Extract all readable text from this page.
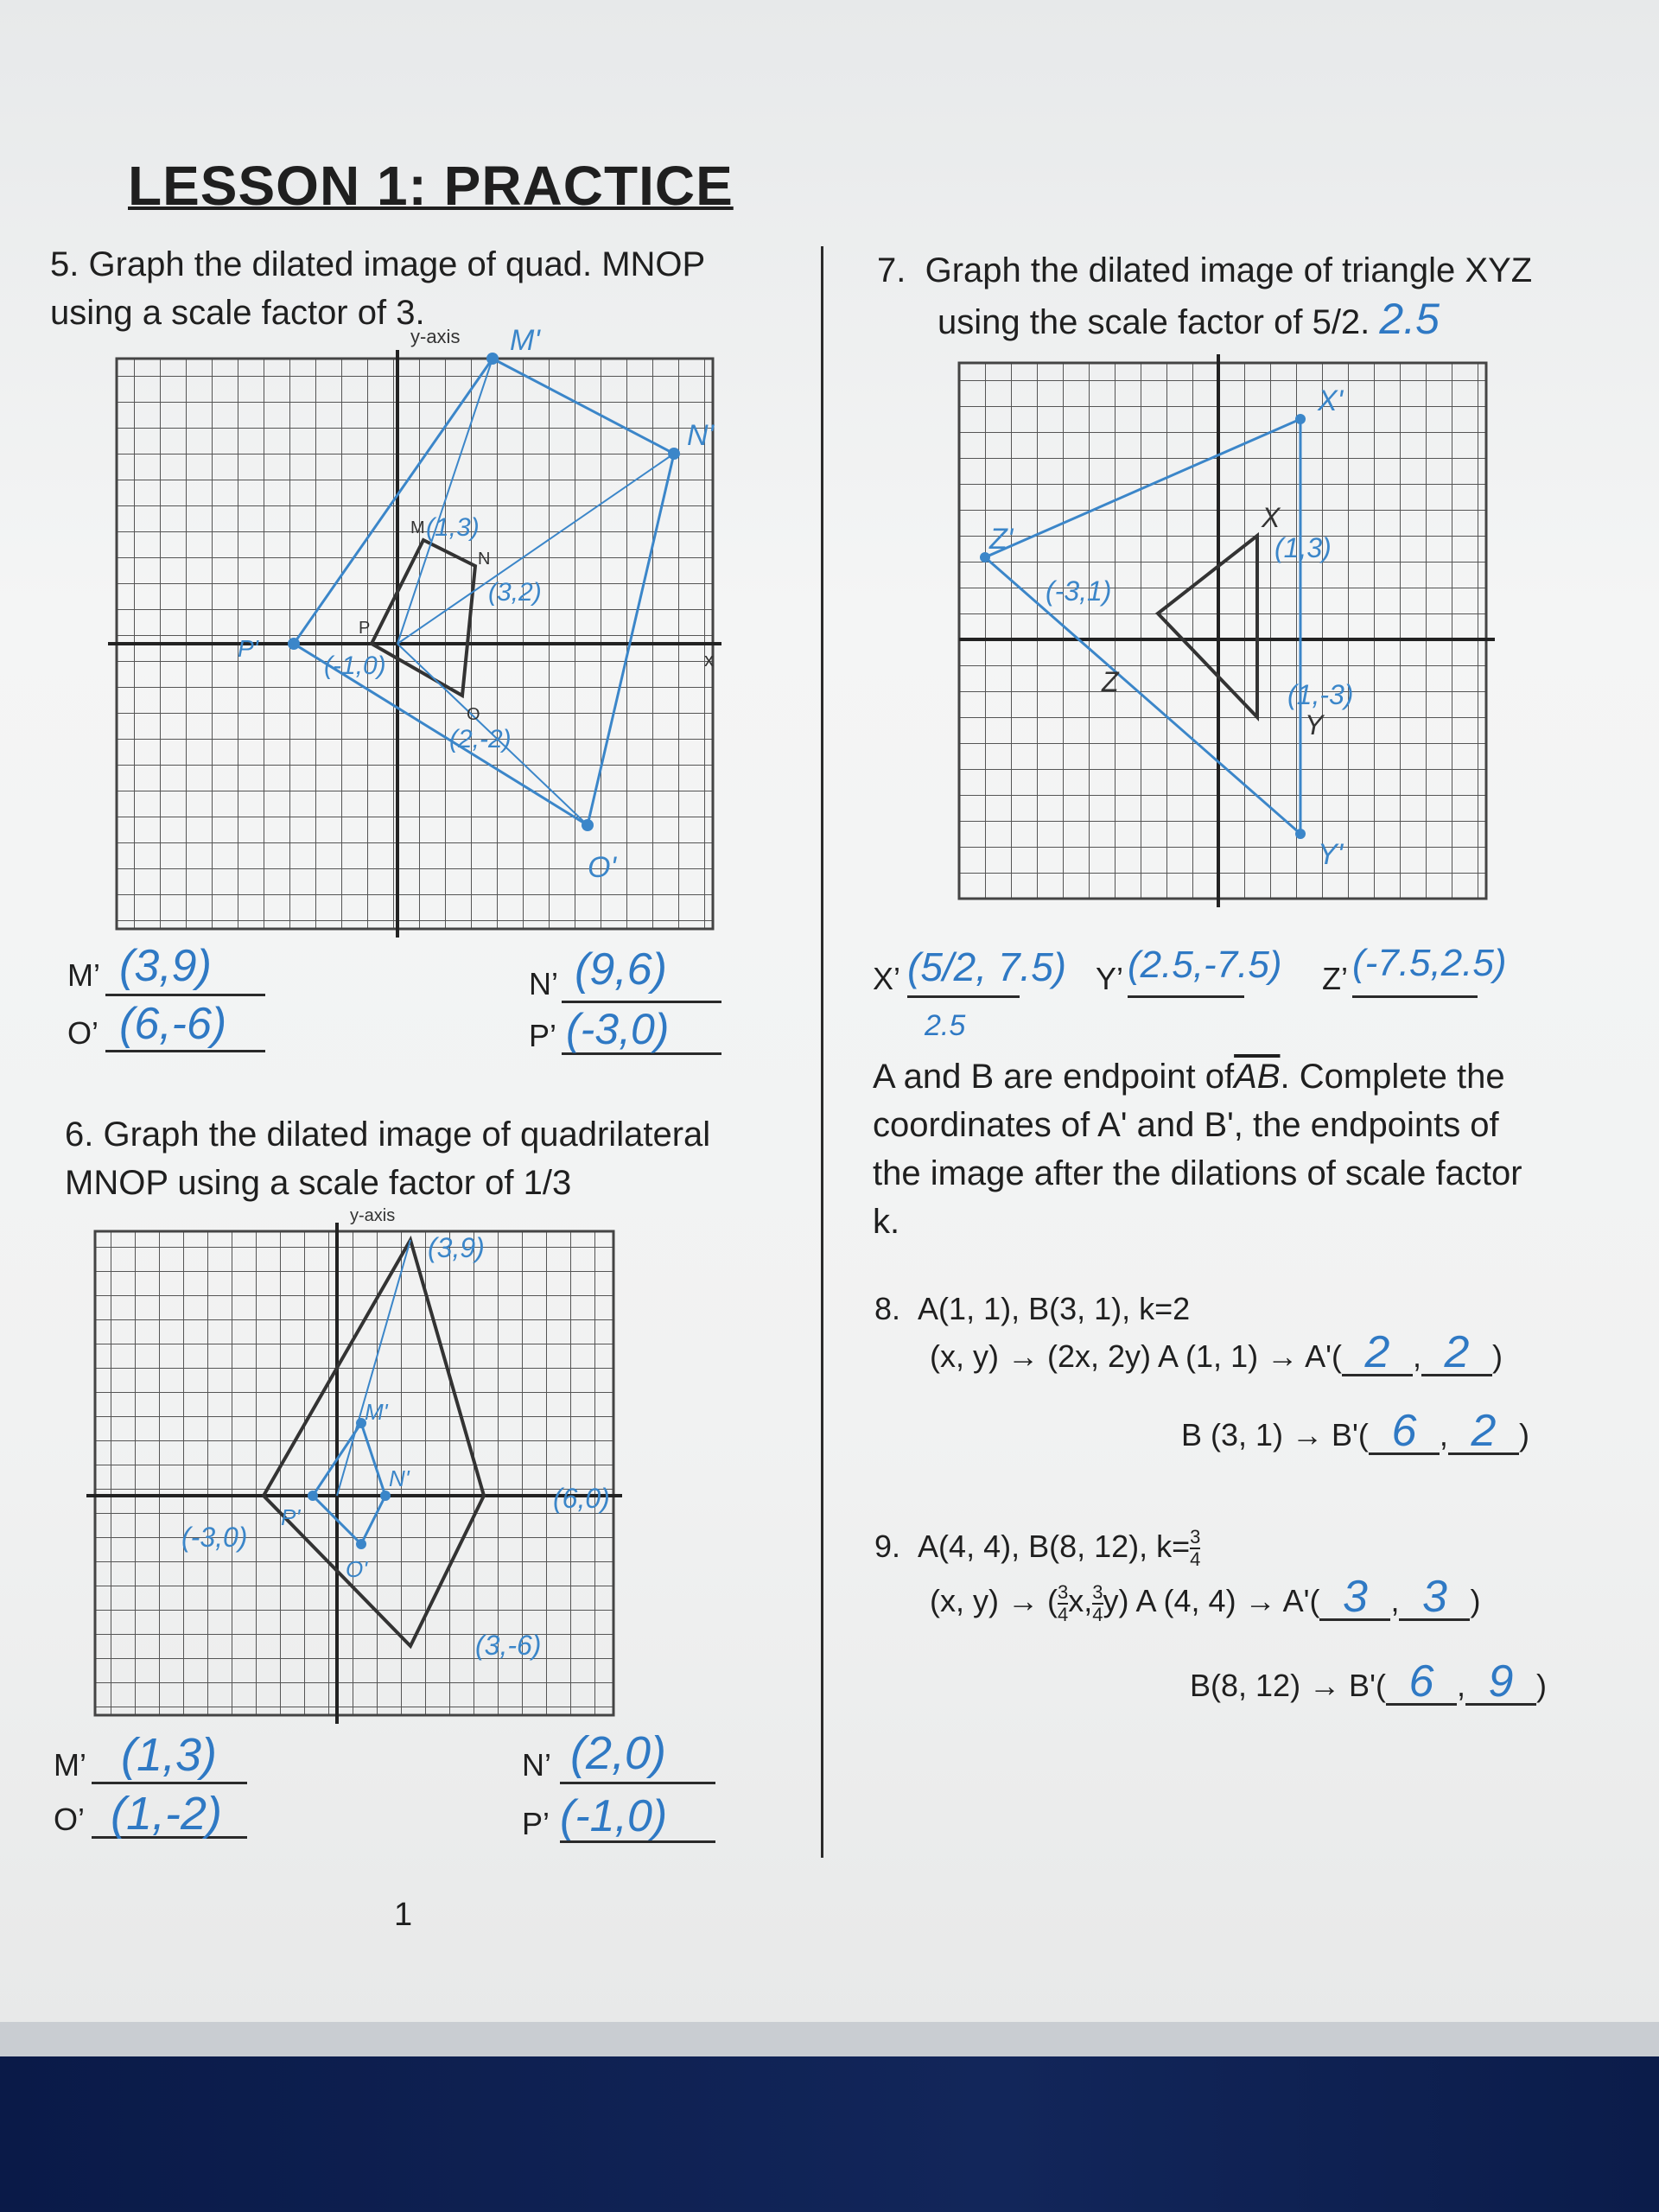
LESSON 1: PRACTICE
5. Graph the dilated image of quad. MNOP
using a scale factor of 3.
y-axis
x
M
N
O
P
(1,3)
(3,2)
(2,-2)
(-1,0)
M'
N'
O'
P'
M’ (3,9)	N’ (9,6)
O’ (6,-6)	P’ (-3,0)
6. Graph the dilated image of quadrilateral
MNOP using a scale factor of 1/3
y-axis
(3,9)
(6,0)
(3,-6)
(-3,0)
M'
N'
O'
P'
M’ (1,3)	N’ (2,0)
O’ (1,-2)	P’ (-1,0)
1
7. Graph the dilated image of triangle XYZ
using the scale factor of 5/2. 2.5
X
Y
Z
(1,3)
(1,-3)
(-3,1)
X'
Y'
Z'
X’ (5/2, 7.5) Y’ (2.5,-7.5) Z’ (-7.5,2.5)
2.5
A and B are endpoint $of\overline{AB}$. Complete the
coordinates of A' and B', the endpoints of
the image after the dilations of scale factor
k.
8. A(1, 1), B(3, 1), k=2
(x, y) → (2x, 2y) A (1, 1) → A'( 2 , 2 )
B (3, 1) → B'( 6 , 2 )
9. A(4, 4), B(8, 12), $k= \frac{3}{4}$
(x, y) → ( $\frac{3}{4} x$, $\frac{3}{4} y$) A (4, 4) → A'( 3 , 3 )
B(8, 12) → B'( 6 , 9 )
